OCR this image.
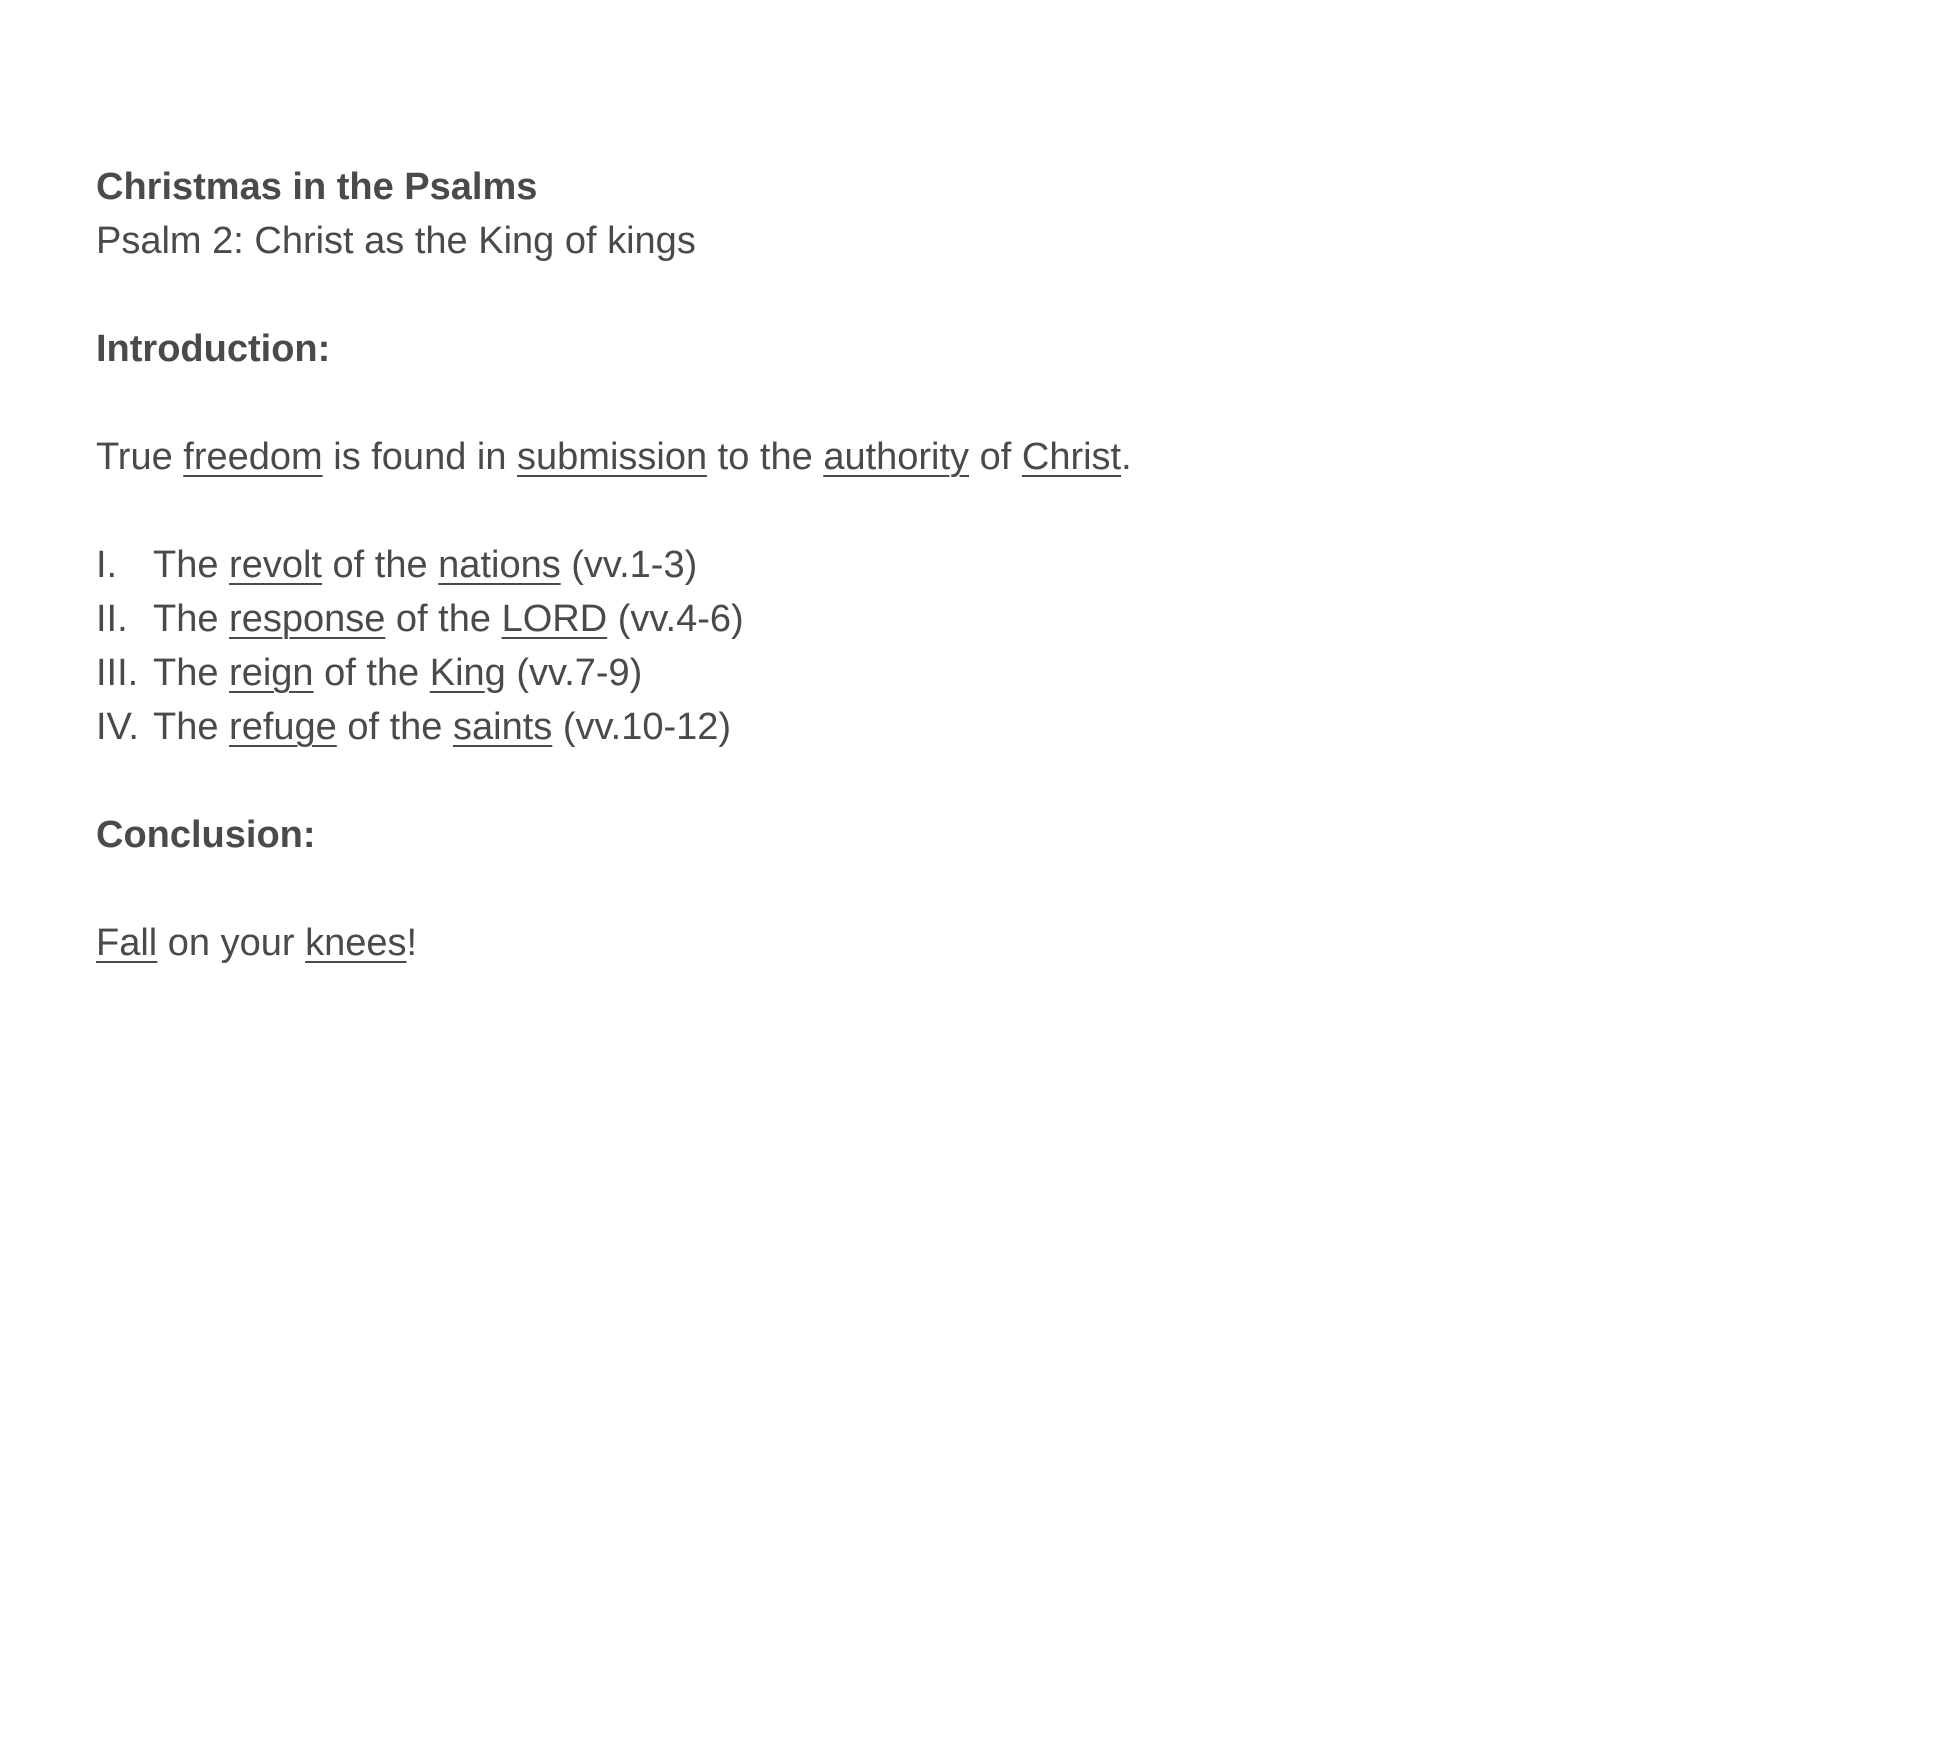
Christmas in the Psalms
Psalm 2: Christ as the King of kings
Introduction:
True freedom is found in submission to the authority of Christ.
I. The revolt of the nations (vv.1-3)
II. The response of the LORD (vv.4-6)
III. The reign of the King (vv.7-9)
IV. The refuge of the saints (vv.10-12)
Conclusion:
Fall on your knees!
